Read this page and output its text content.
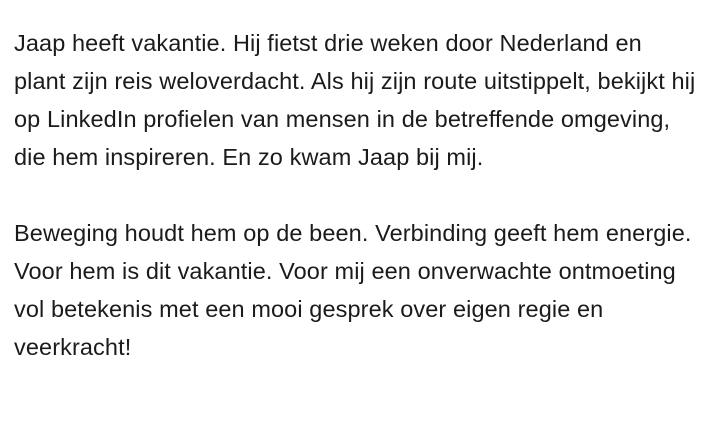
Jaap heeft vakantie. Hij fietst drie weken door Nederland en plant zijn reis weloverdacht. Als hij zijn route uitstippelt, bekijkt hij op LinkedIn profielen van mensen in de betreffende omgeving, die hem inspireren. En zo kwam Jaap bij mij.

Beweging houdt hem op de been. Verbinding geeft hem energie. Voor hem is dit vakantie. Voor mij een onverwachte ontmoeting vol betekenis met een mooi gesprek over eigen regie en veerkracht!
